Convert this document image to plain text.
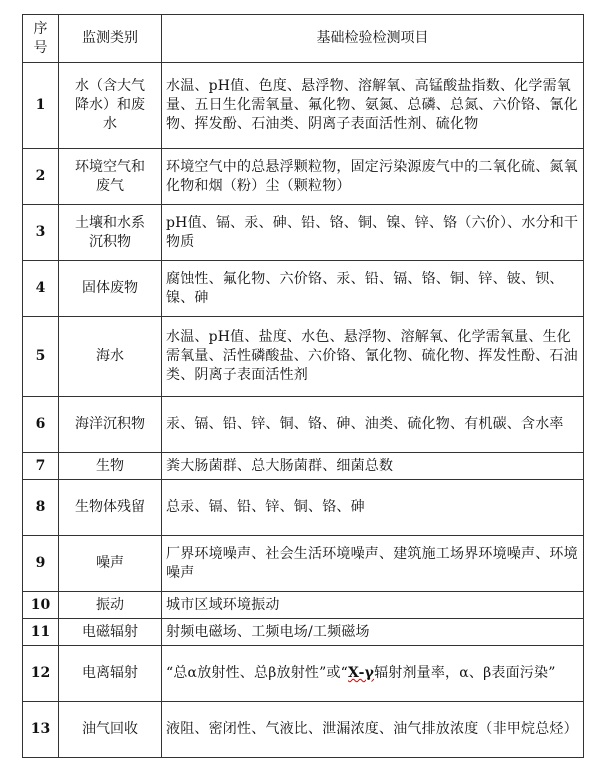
序号	监测类别	基础检验检测项目
1	水（含大气降水）和废水	水温、pH值、色度、悬浮物、溶解氧、高锰酸盐指数、化学需氧量、五日生化需氧量、氟化物、氨氮、总磷、总氮、六价铬、氰化物、挥发酚、石油类、阴离子表面活性剂、硫化物
2	环境空气和废气	环境空气中的总悬浮颗粒物，固定污染源废气中的二氧化硫、氮氧化物和烟（粉）尘（颗粒物）
3	土壤和水系沉积物	pH值、镉、汞、砷、铅、铬、铜、镍、锌、铬（六价）、水分和干物质
4	固体废物	腐蚀性、氟化物、六价铬、汞、铅、镉、铬、铜、锌、铍、钡、镍、砷
5	海水	水温、pH值、盐度、水色、悬浮物、溶解氧、化学需氧量、生化需氧量、活性磷酸盐、六价铬、氰化物、硫化物、挥发性酚、石油类、阴离子表面活性剂
6	海洋沉积物	汞、镉、铅、锌、铜、铬、砷、油类、硫化物、有机碳、含水率
7	生物	粪大肠菌群、总大肠菌群、细菌总数
8	生物体残留	总汞、镉、铅、锌、铜、铬、砷
9	噪声	厂界环境噪声、社会生活环境噪声、建筑施工场界环境噪声、环境噪声
10	振动	城市区域环境振动
11	电磁辐射	射频电磁场、工频电场/工频磁场
12	电离辐射	“总α放射性、总β放射性”或“X-γ辐射剂量率，α、β表面污染”
13	油气回收	液阻、密闭性、气液比、泄漏浓度、油气排放浓度（非甲烷总烃）
